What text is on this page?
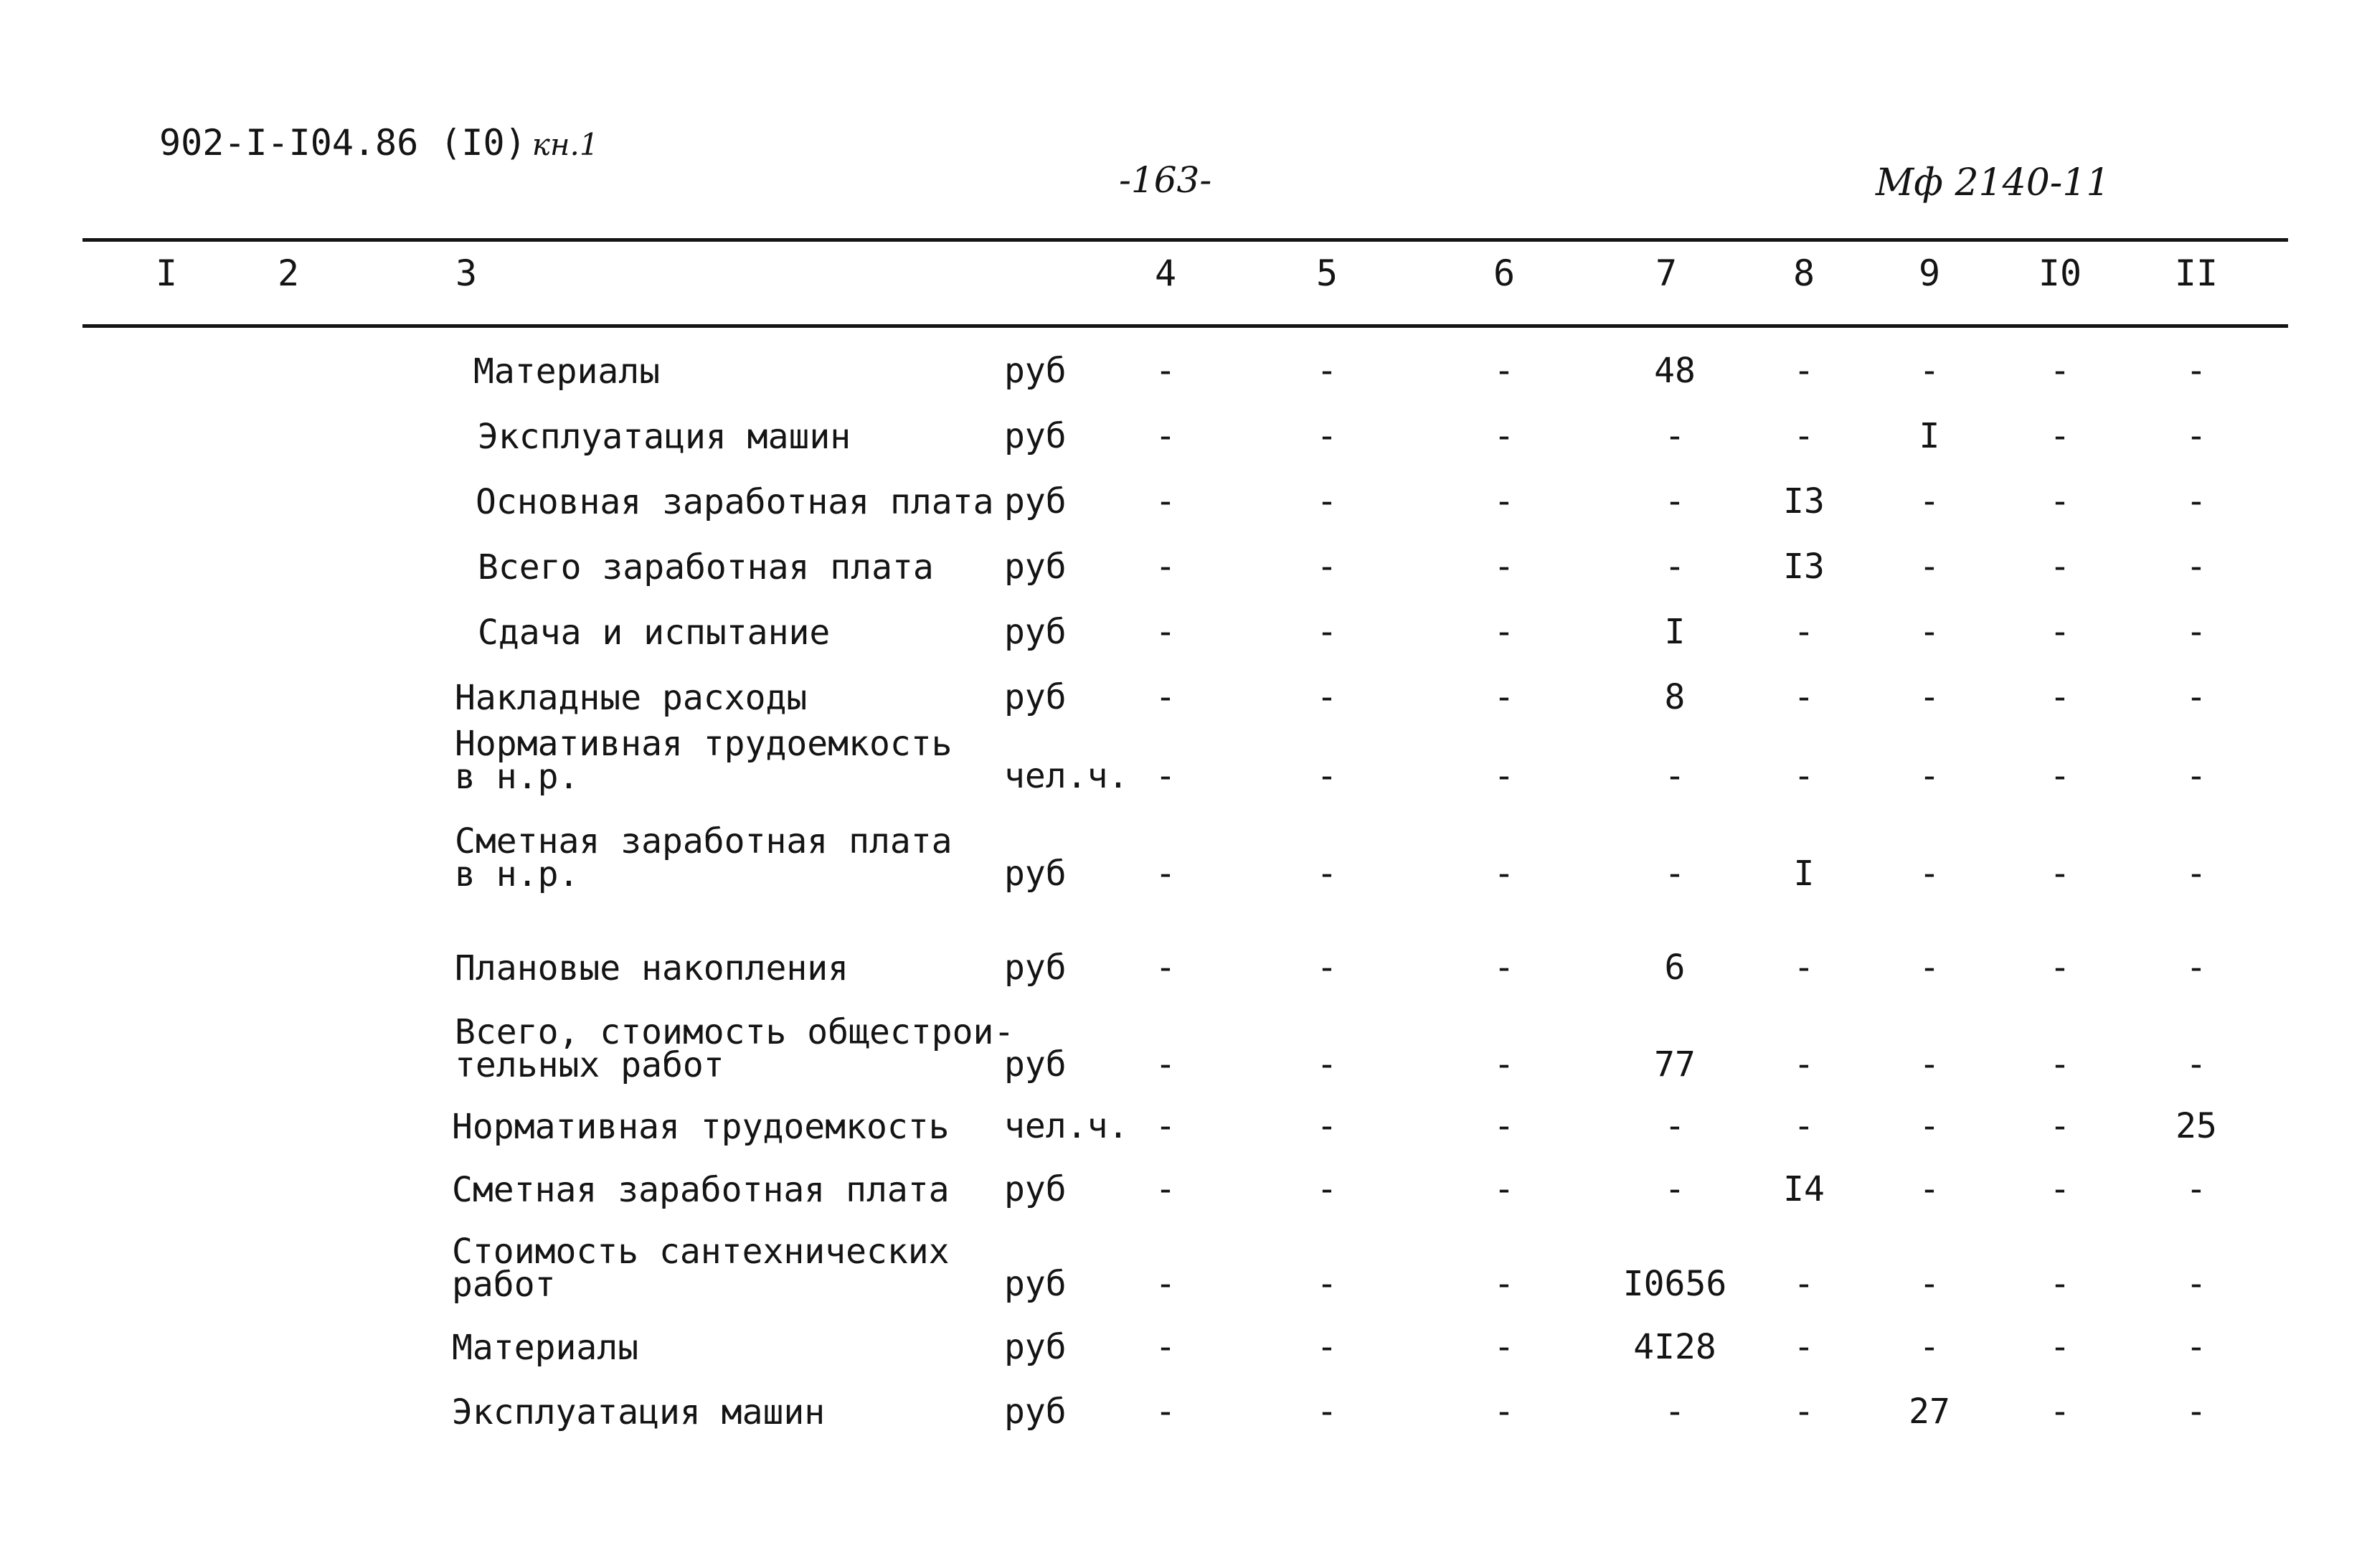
902-I-I04.86 (I0) кн.1
-163-	Мф 2140-11
I	2	3	4	5	6	7	8	9	I0	II
Материалы	руб	-	-	-	48	-	-	-	-
Эксплуатация машин	руб	-	-	-	-	-	I	-	-
Основная заработная плата руб	-	-	-	-	I3	-	-	-
Всего заработная плата руб	-	-	-	-	I3	-	-	-
Сдача и испытание	руб	-	-	-	I	-	-	-	-
Накладные расходы	руб	-	-	-	8	-	-	-	-
Нормативная трудоемкость
в н.р.	чел.ч. -	-	-	-	-	-	-	-
Сметная заработная плата
в н.р.	руб	-	-	-	-	I	-	-	-
Плановые накопления	руб	-	-	-	6	-	-	-	-
Всего, стоимость общестрои-
тельных работ	руб	-	-	-	77	-	-	-	-
Нормативная трудоемкость чел.ч. -	-	-	-	-	-	-	25
Сметная заработная плата руб	-	-	-	-	I4	-	-	-
Стоимость сантехнических
работ	руб	-	-	-	I0656	-	-	-	-
Материалы	руб	-	-	-	4I28	-	-	-	-
Эксплуатация машин	руб	-	-	-	-	-	27	-	-
